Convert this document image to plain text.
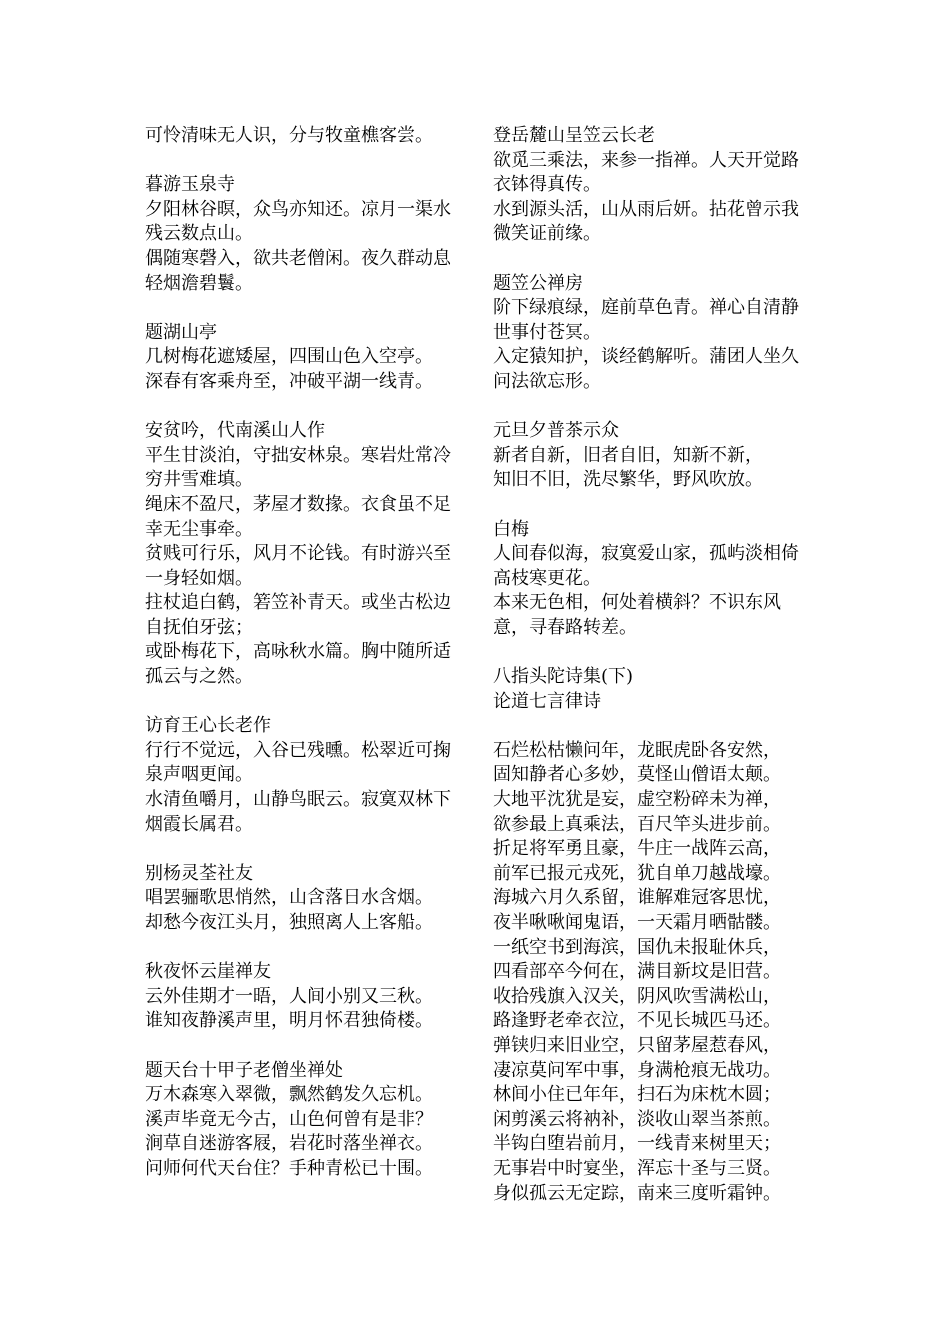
可怜清味无人识，分与牧童樵客尝。
暮游玉泉寺
夕阳林谷暝，众鸟亦知还。凉月一渠水
残云数点山。
偶随寒磬入，欲共老僧闲。夜久群动息
轻烟澹碧鬟。
题湖山亭
几树梅花遮矮屋，四围山色入空亭。
深春有客乘舟至，冲破平湖一线青。
安贫吟，代南溪山人作
平生甘淡泊，守拙安林泉。寒岩灶常冷
穷井雪难填。
绳床不盈尺，茅屋才数掾。衣食虽不足
幸无尘事牵。
贫贱可行乐，风月不论钱。有时游兴至
一身轻如烟。
拄杖追白鹤，箬笠补青天。或坐古松边
自抚伯牙弦；
或卧梅花下，高咏秋水篇。胸中随所适
孤云与之然。
访育王心长老作
行行不觉远，入谷已残曛。松翠近可掬
泉声咽更闻。
水清鱼嚼月，山静鸟眠云。寂寞双林下
烟霞长属君。
别杨灵荃社友
唱罢骊歌思悄然，山含落日水含烟。
却愁今夜江头月，独照离人上客船。
秋夜怀云崖禅友
云外佳期才一晤，人间小别又三秋。
谁知夜静溪声里，明月怀君独倚楼。
题天台十甲子老僧坐禅处
万木森寒入翠微，飘然鹤发久忘机。
溪声毕竟无今古，山色何曾有是非？
涧草自迷游客屐，岩花时落坐禅衣。
问师何代天台住？手种青松已十围。
登岳麓山呈笠云长老
欲觅三乘法，来参一指禅。人天开觉路
衣钵得真传。
水到源头活，山从雨后妍。拈花曾示我
微笑证前缘。
题笠公禅房
阶下绿痕绿，庭前草色青。禅心自清静
世事付苍冥。
入定猿知护，谈经鹤解听。蒲团人坐久
问法欲忘形。
元旦夕普茶示众
新者自新，旧者自旧，知新不新，
知旧不旧，洗尽繁华，野风吹放。
白梅
人间春似海，寂寞爱山家，孤屿淡相倚
高枝寒更花。
本来无色相，何处着横斜？不识东风
意，寻春路转差。
八指头陀诗集(下)
论道七言律诗
石烂松枯懒问年，龙眠虎卧各安然，
固知静者心多妙，莫怪山僧语太颠。
大地平沈犹是妄，虚空粉碎未为禅，
欲参最上真乘法，百尺竿头进步前。
折足将军勇且豪，牛庄一战阵云高，
前军已报元戎死，犹自单刀越战壕。
海城六月久系留，谁解难冠客思忧，
夜半啾啾闻鬼语，一天霜月晒骷髅。
一纸空书到海滨，国仇未报耻休兵，
四看部卒今何在，满目新坟是旧营。
收拾残旗入汉关，阴风吹雪满松山，
路逢野老牵衣泣，不见长城匹马还。
弹铗归来旧业空，只留茅屋惹春风，
凄凉莫问军中事，身满枪痕无战功。
林间小住已年年，扫石为床枕木圆；
闲剪溪云将衲补，淡收山翠当茶煎。
半钩白堕岩前月，一线青来树里天；
无事岩中时宴坐，浑忘十圣与三贤。
身似孤云无定踪，南来三度听霜钟。
